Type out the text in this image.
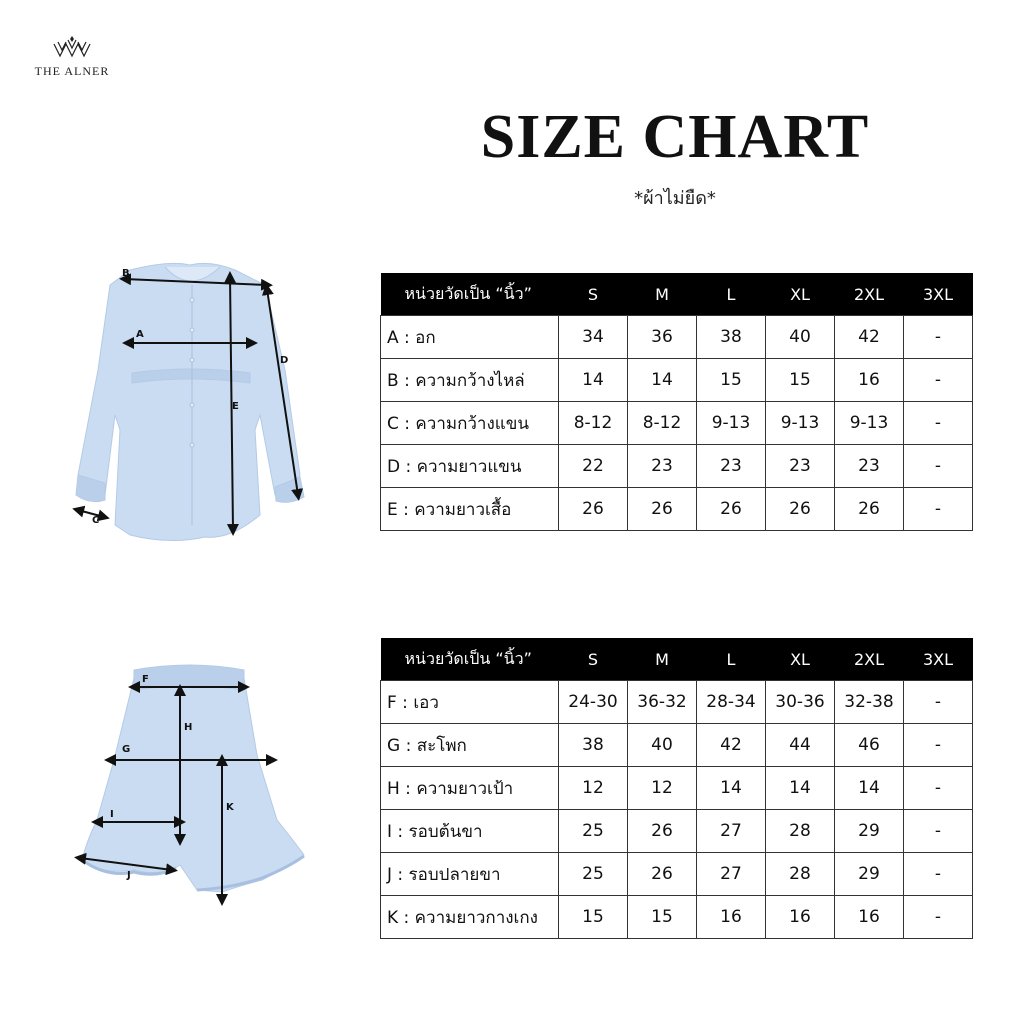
THE ALNER
SIZE CHART
*ผ้าไม่ยืด*
B
A
C
D
E
หน่วยวัดเป็น “นิ้ว”	S	M	L	XL	2XL	3XL
A : อก	34	36	38	40	42	-
B : ความกว้างไหล่	14	14	15	15	16	-
C : ความกว้างแขน	8-12	8-12	9-13	9-13	9-13	-
D : ความยาวแขน	22	23	23	23	23	-
E : ความยาวเสื้อ	26	26	26	26	26	-
F
G
H
I
J
K
หน่วยวัดเป็น “นิ้ว”	S	M	L	XL	2XL	3XL
F : เอว	24-30	36-32	28-34	30-36	32-38	-
G : สะโพก	38	40	42	44	46	-
H : ความยาวเป้า	12	12	14	14	14	-
I : รอบต้นขา	25	26	27	28	29	-
J : รอบปลายขา	25	26	27	28	29	-
K : ความยาวกางเกง	15	15	16	16	16	-
